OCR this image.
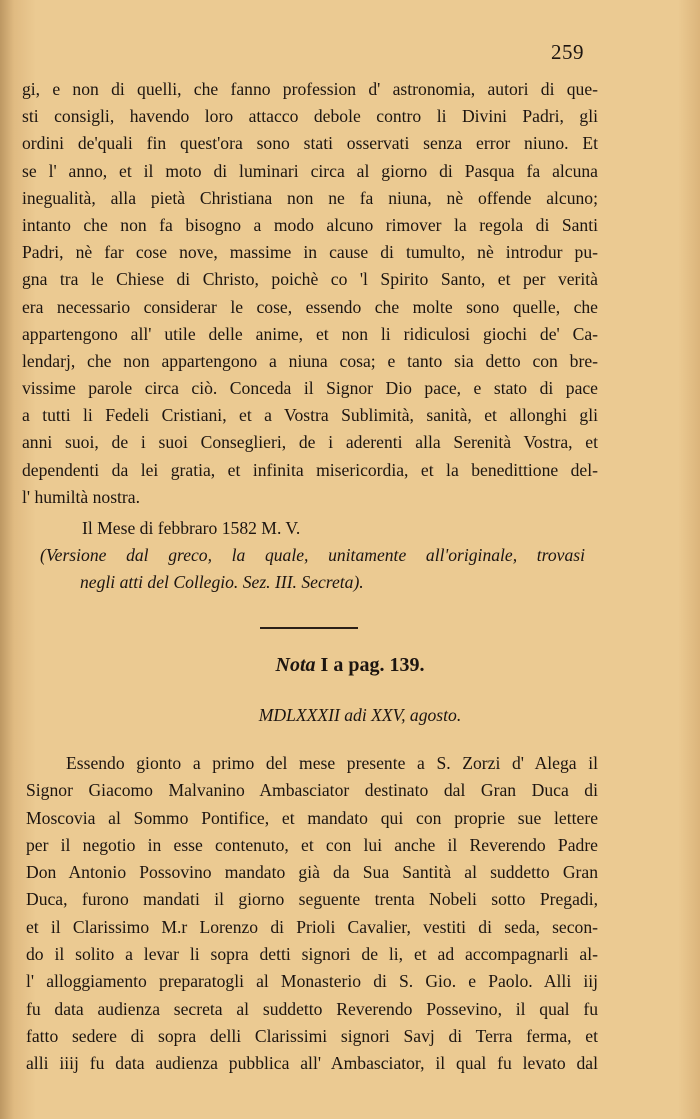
259
gi, e non di quelli, che fanno profession d' astronomia, autori di que-
sti consigli, havendo loro attacco debole contro li Divini Padri, gli
ordini de'quali fin quest'ora sono stati osservati senza error niuno. Et
se l' anno, et il moto di luminari circa al giorno di Pasqua fa alcuna
inegualità, alla pietà Christiana non ne fa niuna, nè offende alcuno;
intanto che non fa bisogno a modo alcuno rimover la regola di Santi
Padri, nè far cose nove, massime in cause di tumulto, nè introdur pu-
gna tra le Chiese di Christo, poichè co 'l Spirito Santo, et per verità
era necessario considerar le cose, essendo che molte sono quelle, che
appartengono all' utile delle anime, et non li ridiculosi giochi de' Ca-
lendarj, che non appartengono a niuna cosa; e tanto sia detto con bre-
vissime parole circa ciò. Conceda il Signor Dio pace, e stato di pace
a tutti li Fedeli Cristiani, et a Vostra Sublimità, sanità, et allonghi gli
anni suoi, de i suoi Conseglieri, de i aderenti alla Serenità Vostra, et
dependenti da lei gratia, et infinita misericordia, et la benedittione del-
l' humiltà nostra.
Il Mese di febbraro 1582 M. V.
(Versione dal greco, la quale, unitamente all'originale, trovasi
negli atti del Collegio. Sez. III. Secreta).
Nota I a pag. 139.
MDLXXXII adi XXV, agosto.
Essendo gionto a primo del mese presente a S. Zorzi d' Alega il
Signor Giacomo Malvanino Ambasciator destinato dal Gran Duca di
Moscovia al Sommo Pontifice, et mandato qui con proprie sue lettere
per il negotio in esse contenuto, et con lui anche il Reverendo Padre
Don Antonio Possovino mandato già da Sua Santità al suddetto Gran
Duca, furono mandati il giorno seguente trenta Nobeli sotto Pregadi,
et il Clarissimo M.r Lorenzo di Prioli Cavalier, vestiti di seda, secon-
do il solito a levar li sopra detti signori de li, et ad accompagnarli al-
l' alloggiamento preparatogli al Monasterio di S. Gio. e Paolo. Alli iij
fu data audienza secreta al suddetto Reverendo Possevino, il qual fu
fatto sedere di sopra delli Clarissimi signori Savj di Terra ferma, et
alli iiij fu data audienza pubblica all' Ambasciator, il qual fu levato dal
